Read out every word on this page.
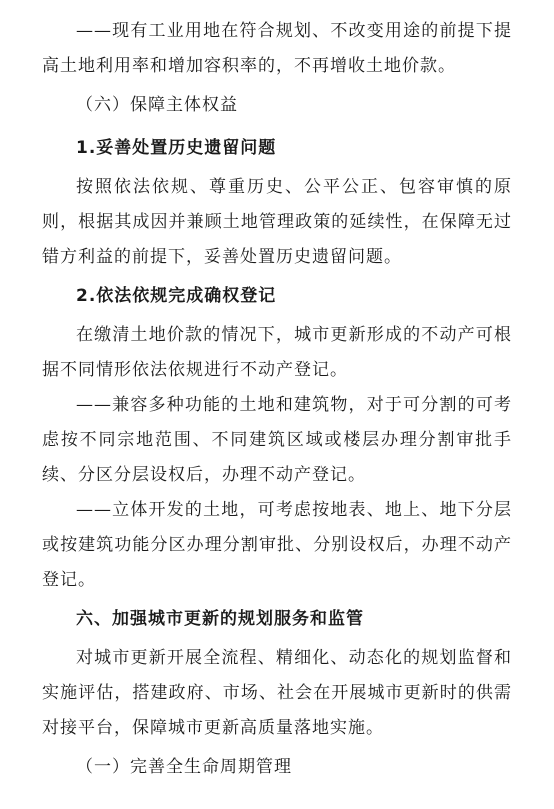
——现有工业用地在符合规划、不改变用途的前提下提高土地利用率和增加容积率的，不再增收土地价款。

（六）保障主体权益

1.妥善处置历史遗留问题

按照依法依规、尊重历史、公平公正、包容审慎的原则，根据其成因并兼顾土地管理政策的延续性，在保障无过错方利益的前提下，妥善处置历史遗留问题。

2.依法依规完成确权登记

在缴清土地价款的情况下，城市更新形成的不动产可根据不同情形依法依规进行不动产登记。

——兼容多种功能的土地和建筑物，对于可分割的可考虑按不同宗地范围、不同建筑区域或楼层办理分割审批手续、分区分层设权后，办理不动产登记。

——立体开发的土地，可考虑按地表、地上、地下分层或按建筑功能分区办理分割审批、分别设权后，办理不动产登记。

六、加强城市更新的规划服务和监管

对城市更新开展全流程、精细化、动态化的规划监督和实施评估，搭建政府、市场、社会在开展城市更新时的供需对接平台，保障城市更新高质量落地实施。

（一）完善全生命周期管理
